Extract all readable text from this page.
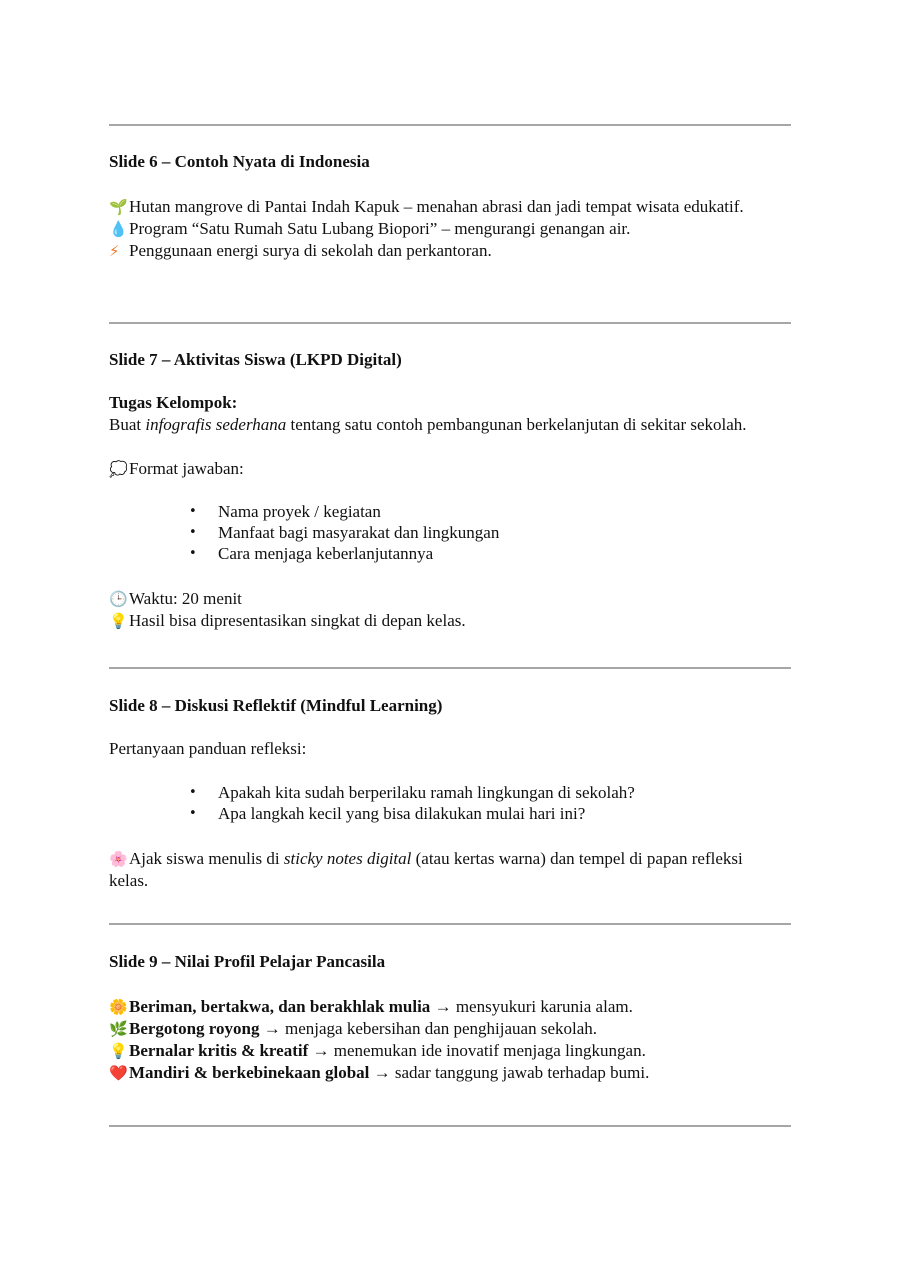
Slide 6 – Contoh Nyata di Indonesia
🌱Hutan mangrove di Pantai Indah Kapuk – menahan abrasi dan jadi tempat wisata edukatif.
💧Program “Satu Rumah Satu Lubang Biopori” – mengurangi genangan air.
⚡ Penggunaan energi surya di sekolah dan perkantoran.
Slide 7 – Aktivitas Siswa (LKPD Digital)
Tugas Kelompok:
Buat infografis sederhana tentang satu contoh pembangunan berkelanjutan di sekitar sekolah.
💭Format jawaban:
• Nama proyek / kegiatan
• Manfaat bagi masyarakat dan lingkungan
• Cara menjaga keberlanjutannya
🕒Waktu: 20 menit
💡Hasil bisa dipresentasikan singkat di depan kelas.
Slide 8 – Diskusi Reflektif (Mindful Learning)
Pertanyaan panduan refleksi:
• Apakah kita sudah berperilaku ramah lingkungan di sekolah?
• Apa langkah kecil yang bisa dilakukan mulai hari ini?
🌸Ajak siswa menulis di sticky notes digital (atau kertas warna) dan tempel di papan refleksi kelas.
Slide 9 – Nilai Profil Pelajar Pancasila
🌼Beriman, bertakwa, dan berakhlak mulia → mensyukuri karunia alam.
🌿Bergotong royong → menjaga kebersihan dan penghijauan sekolah.
💡Bernalar kritis & kreatif → menemukan ide inovatif menjaga lingkungan.
❤️Mandiri & berkebinekaan global → sadar tanggung jawab terhadap bumi.
